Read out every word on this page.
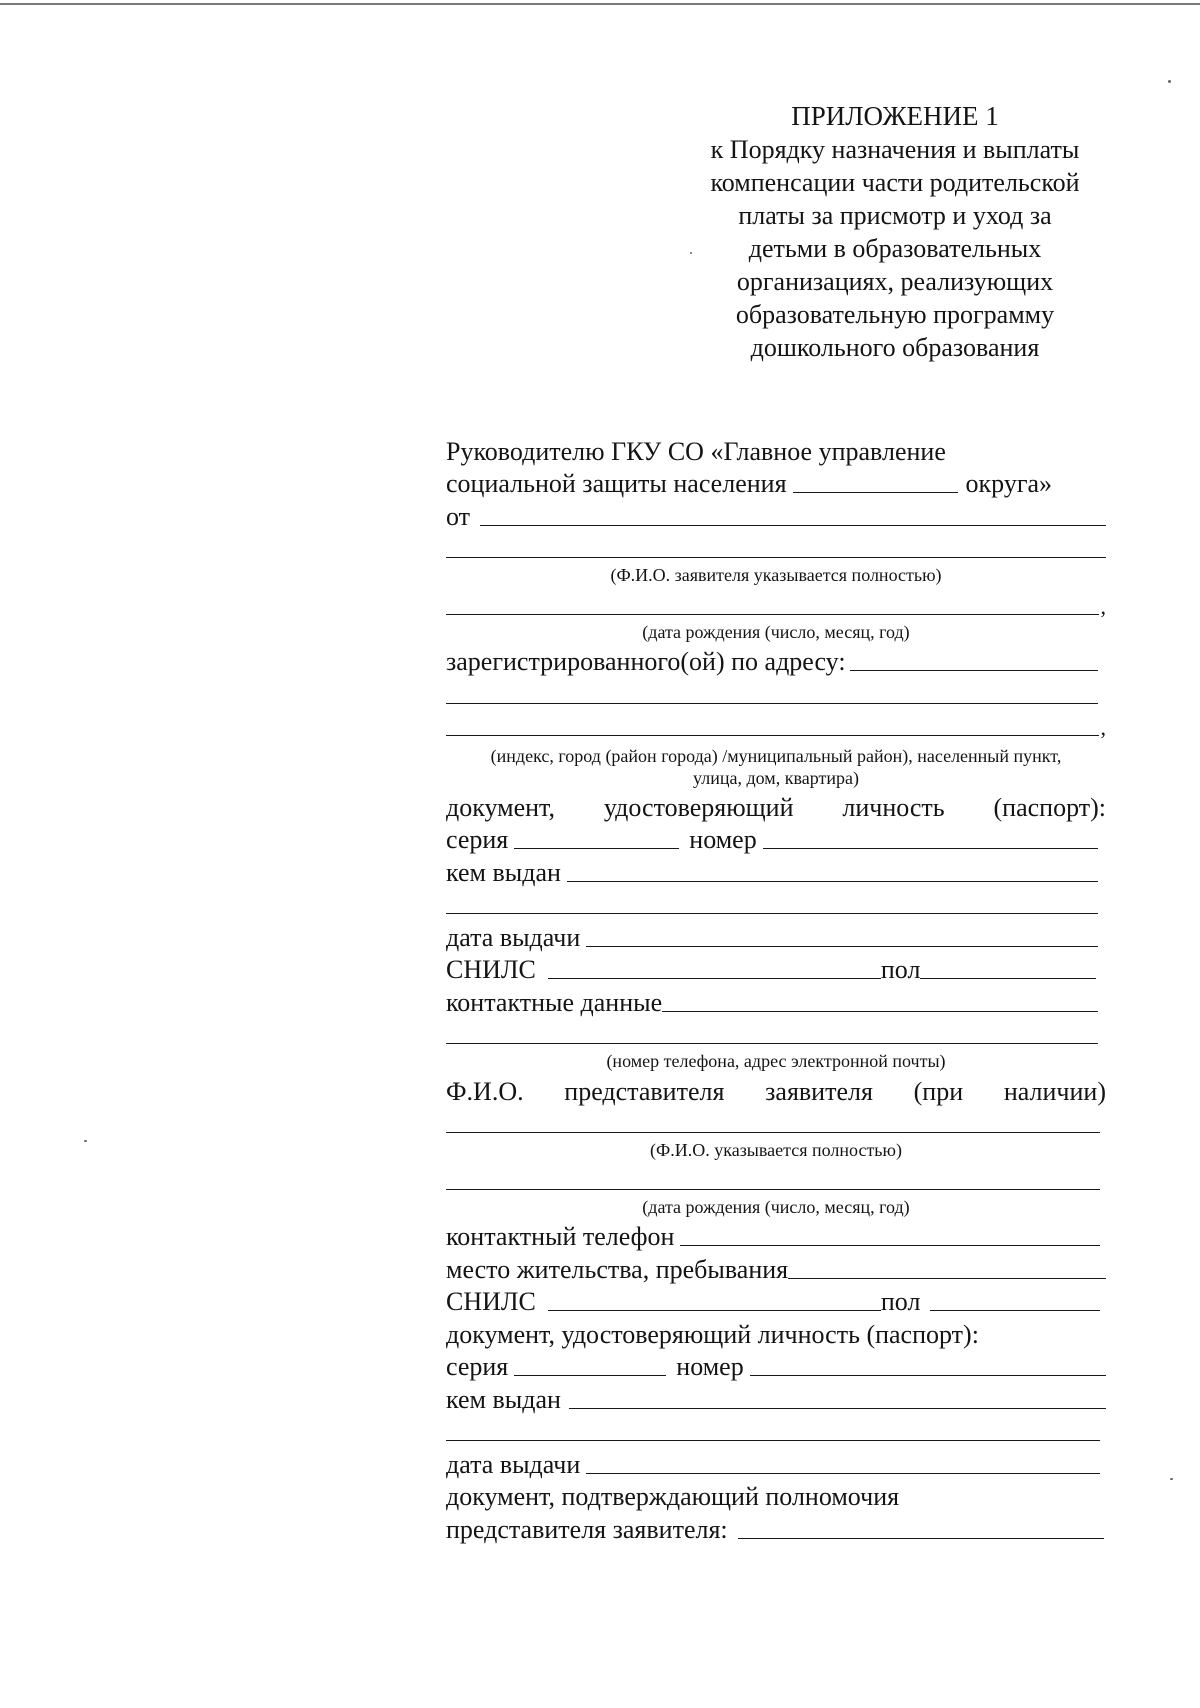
ПРИЛОЖЕНИЕ 1
к Порядку назначения и выплаты
компенсации части родительской
платы за присмотр и уход за
детьми в образовательных
организациях, реализующих
образовательную программу
дошкольного образования
Руководителю ГКУ СО «Главное управление
социальной защиты населения	округа»
от
(Ф.И.О. заявителя указывается полностью)
,
(дата рождения (число, месяц, год)
зарегистрированного(ой) по адресу:
,
(индекс, город (район города) /муниципальный район), населенный пункт,
улица, дом, квартира)
документ, удостоверяющий личность (паспорт):
серия	номер
кем выдан
дата выдачи
СНИЛС	пол
контактные данные
(номер телефона, адрес электронной почты)
Ф.И.О. представителя заявителя (при наличии)
(Ф.И.О. указывается полностью)
(дата рождения (число, месяц, год)
контактный телефон
место жительства, пребывания
СНИЛС	пол
документ, удостоверяющий личность (паспорт):
серия	номер
кем выдан
дата выдачи
документ, подтверждающий полномочия
представителя заявителя:
